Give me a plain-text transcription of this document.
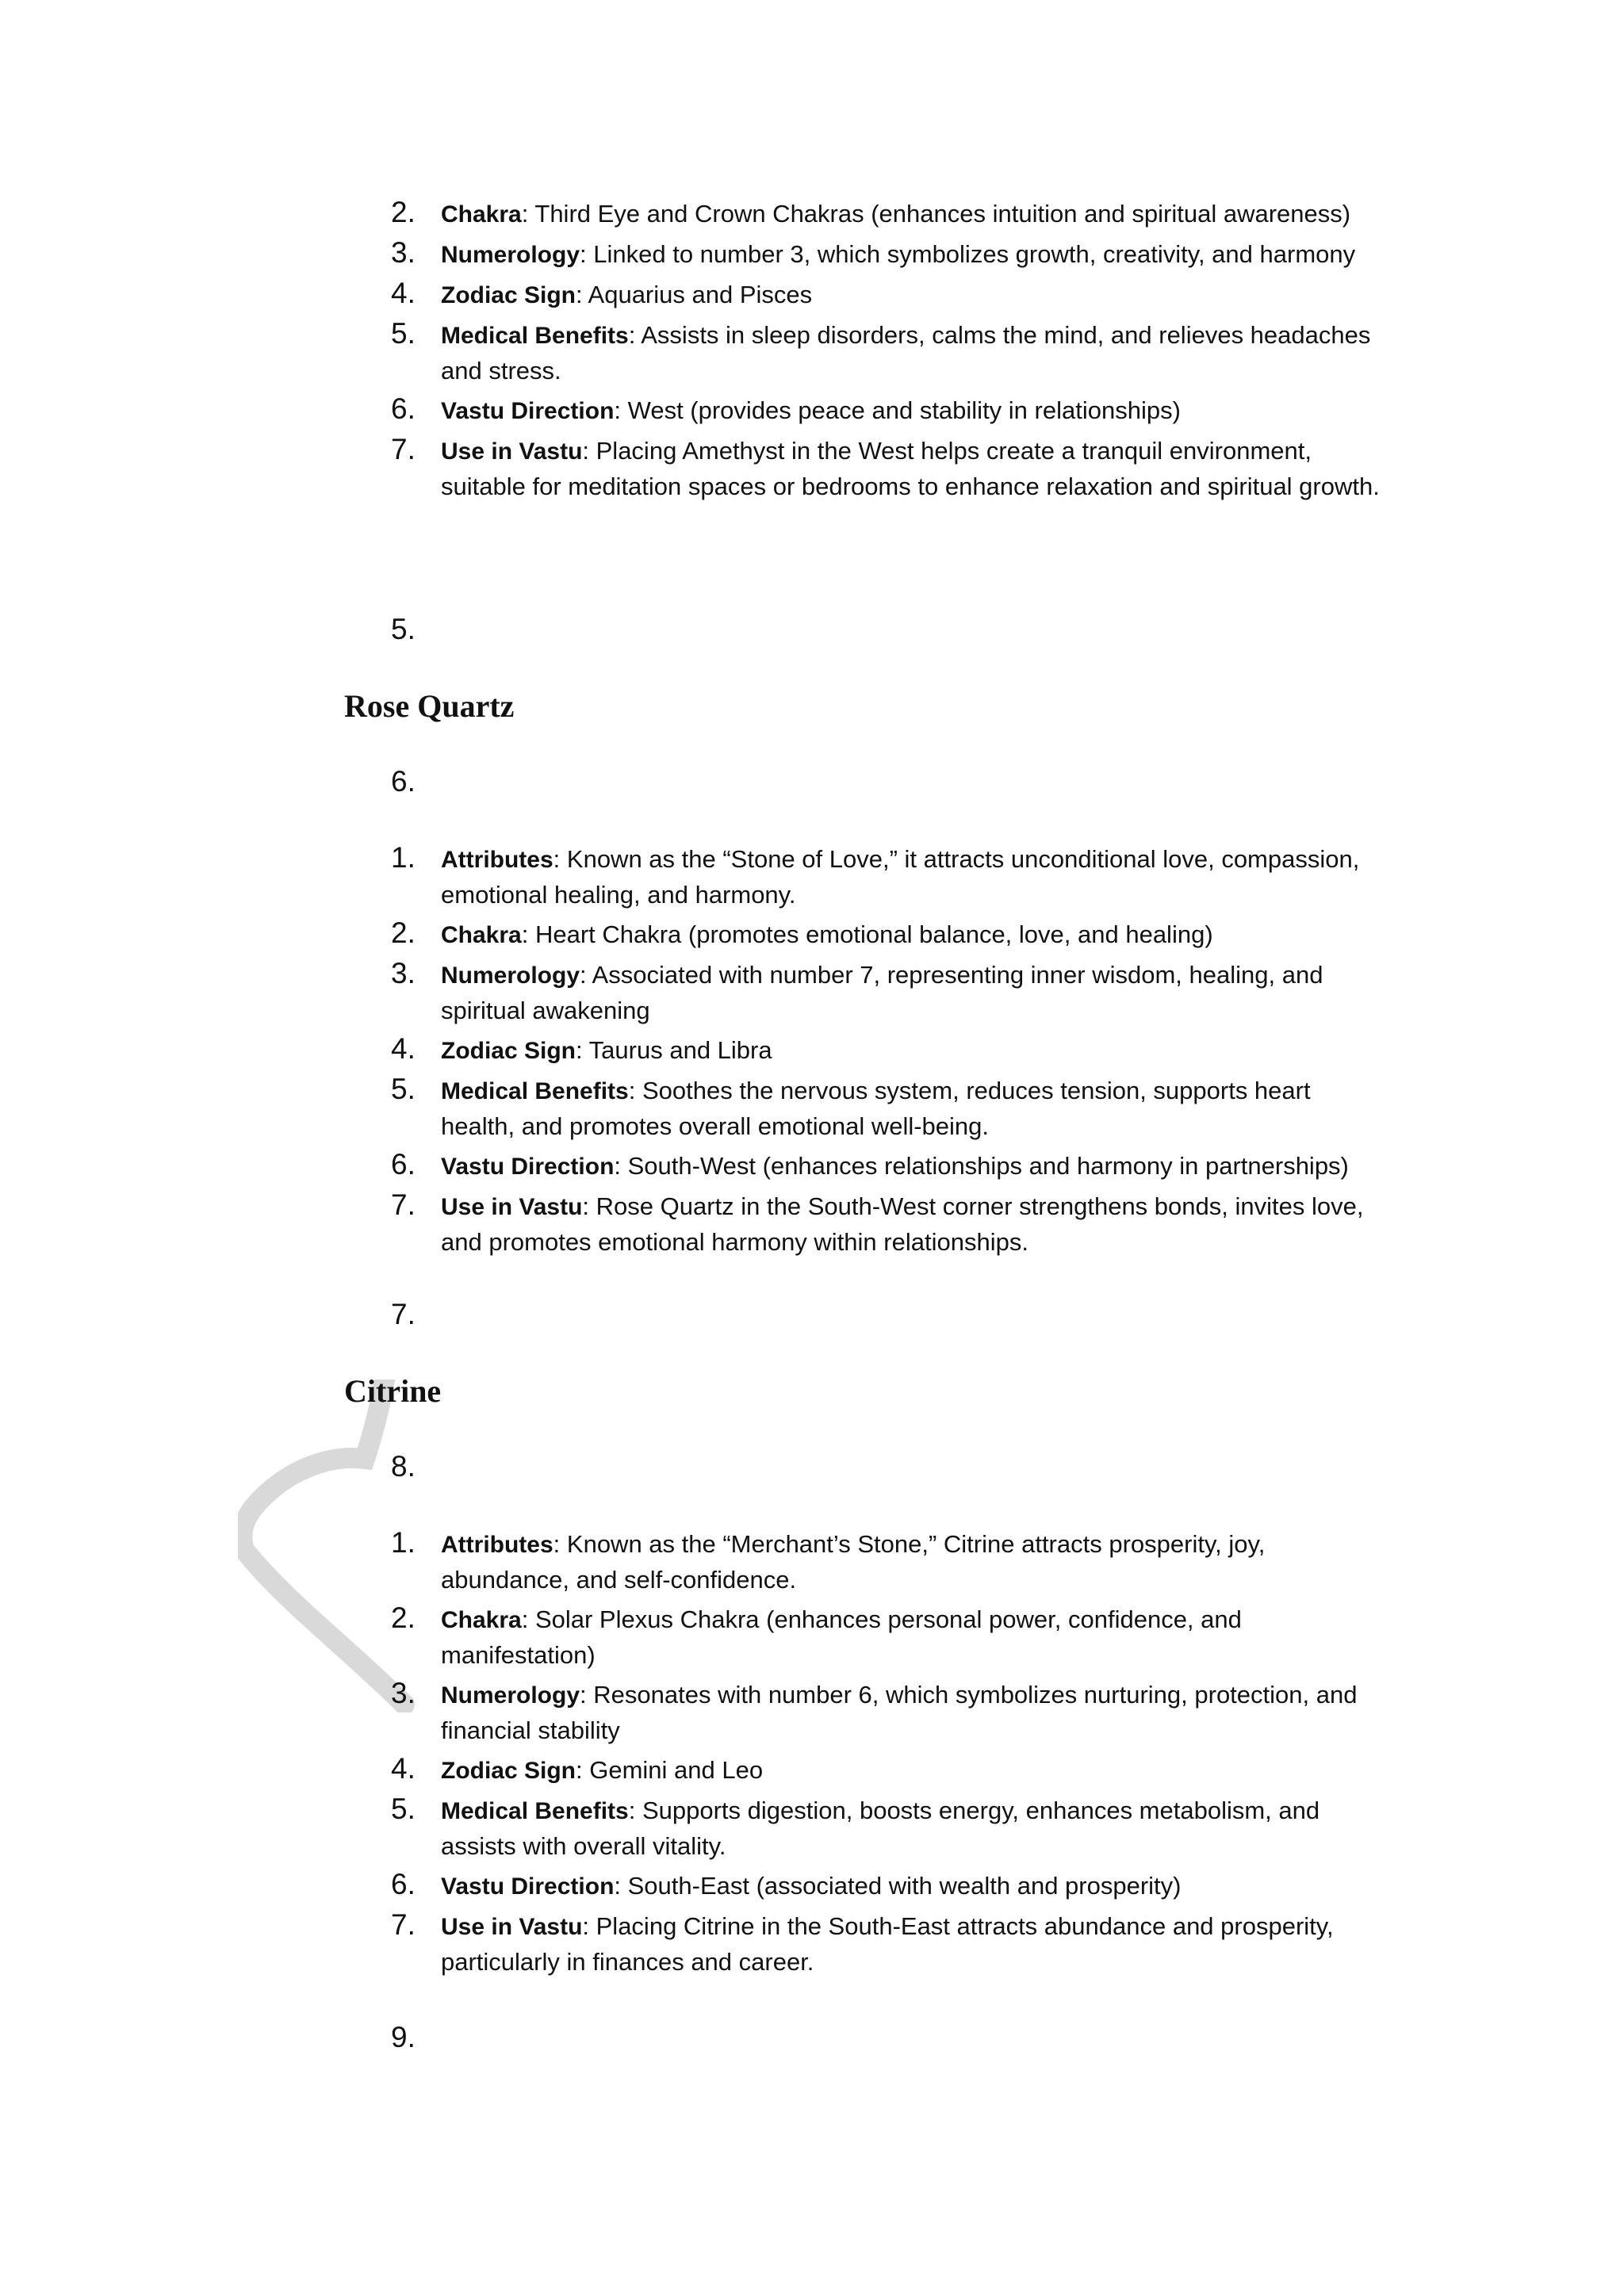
2. Chakra: Third Eye and Crown Chakras (enhances intuition and spiritual awareness)
3. Numerology: Linked to number 3, which symbolizes growth, creativity, and harmony
4. Zodiac Sign: Aquarius and Pisces
5. Medical Benefits: Assists in sleep disorders, calms the mind, and relieves headaches and stress.
6. Vastu Direction: West (provides peace and stability in relationships)
7. Use in Vastu: Placing Amethyst in the West helps create a tranquil environment, suitable for meditation spaces or bedrooms to enhance relaxation and spiritual growth.
5.
Rose Quartz
6.
1. Attributes: Known as the “Stone of Love,” it attracts unconditional love, compassion, emotional healing, and harmony.
2. Chakra: Heart Chakra (promotes emotional balance, love, and healing)
3. Numerology: Associated with number 7, representing inner wisdom, healing, and spiritual awakening
4. Zodiac Sign: Taurus and Libra
5. Medical Benefits: Soothes the nervous system, reduces tension, supports heart health, and promotes overall emotional well-being.
6. Vastu Direction: South-West (enhances relationships and harmony in partnerships)
7. Use in Vastu: Rose Quartz in the South-West corner strengthens bonds, invites love, and promotes emotional harmony within relationships.
7.
Citrine
8.
1. Attributes: Known as the “Merchant’s Stone,” Citrine attracts prosperity, joy, abundance, and self-confidence.
2. Chakra: Solar Plexus Chakra (enhances personal power, confidence, and manifestation)
3. Numerology: Resonates with number 6, which symbolizes nurturing, protection, and financial stability
4. Zodiac Sign: Gemini and Leo
5. Medical Benefits: Supports digestion, boosts energy, enhances metabolism, and assists with overall vitality.
6. Vastu Direction: South-East (associated with wealth and prosperity)
7. Use in Vastu: Placing Citrine in the South-East attracts abundance and prosperity, particularly in finances and career.
9.
